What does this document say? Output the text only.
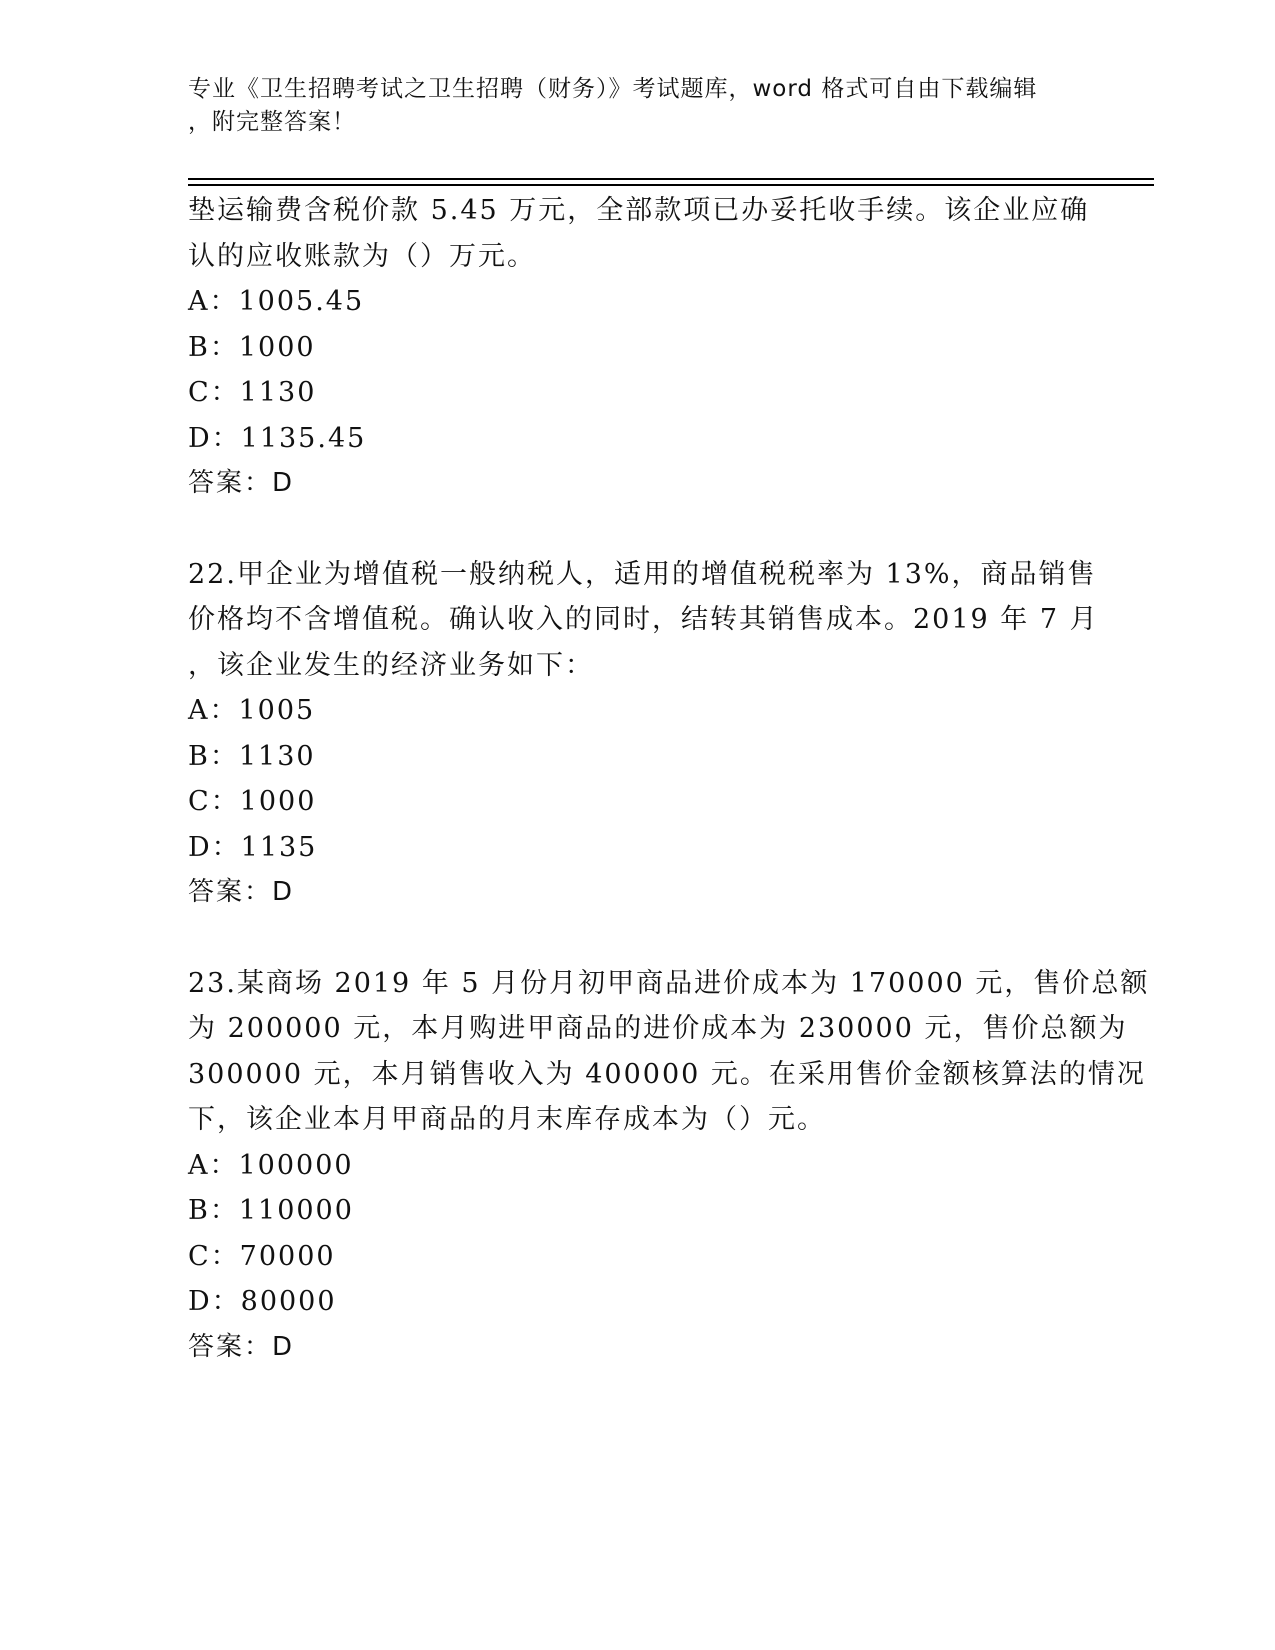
专业《卫生招聘考试之卫生招聘（财务）》考试题库，word 格式可自由下载编辑
，附完整答案！
垫运输费含税价款 5.45 万元，全部款项已办妥托收手续。该企业应确
认的应收账款为（）万元。
A：1005.45
B：1000
C：1130
D：1135.45
答案：D
22.甲企业为增值税一般纳税人，适用的增值税税率为 13%，商品销售
价格均不含增值税。确认收入的同时，结转其销售成本。2019 年 7 月
，该企业发生的经济业务如下：
A：1005
B：1130
C：1000
D：1135
答案：D
23.某商场 2019 年 5 月份月初甲商品进价成本为 170000 元，售价总额
为 200000 元，本月购进甲商品的进价成本为 230000 元，售价总额为
300000 元，本月销售收入为 400000 元。在采用售价金额核算法的情况
下，该企业本月甲商品的月末库存成本为（）元。
A：100000
B：110000
C：70000
D：80000
答案：D
